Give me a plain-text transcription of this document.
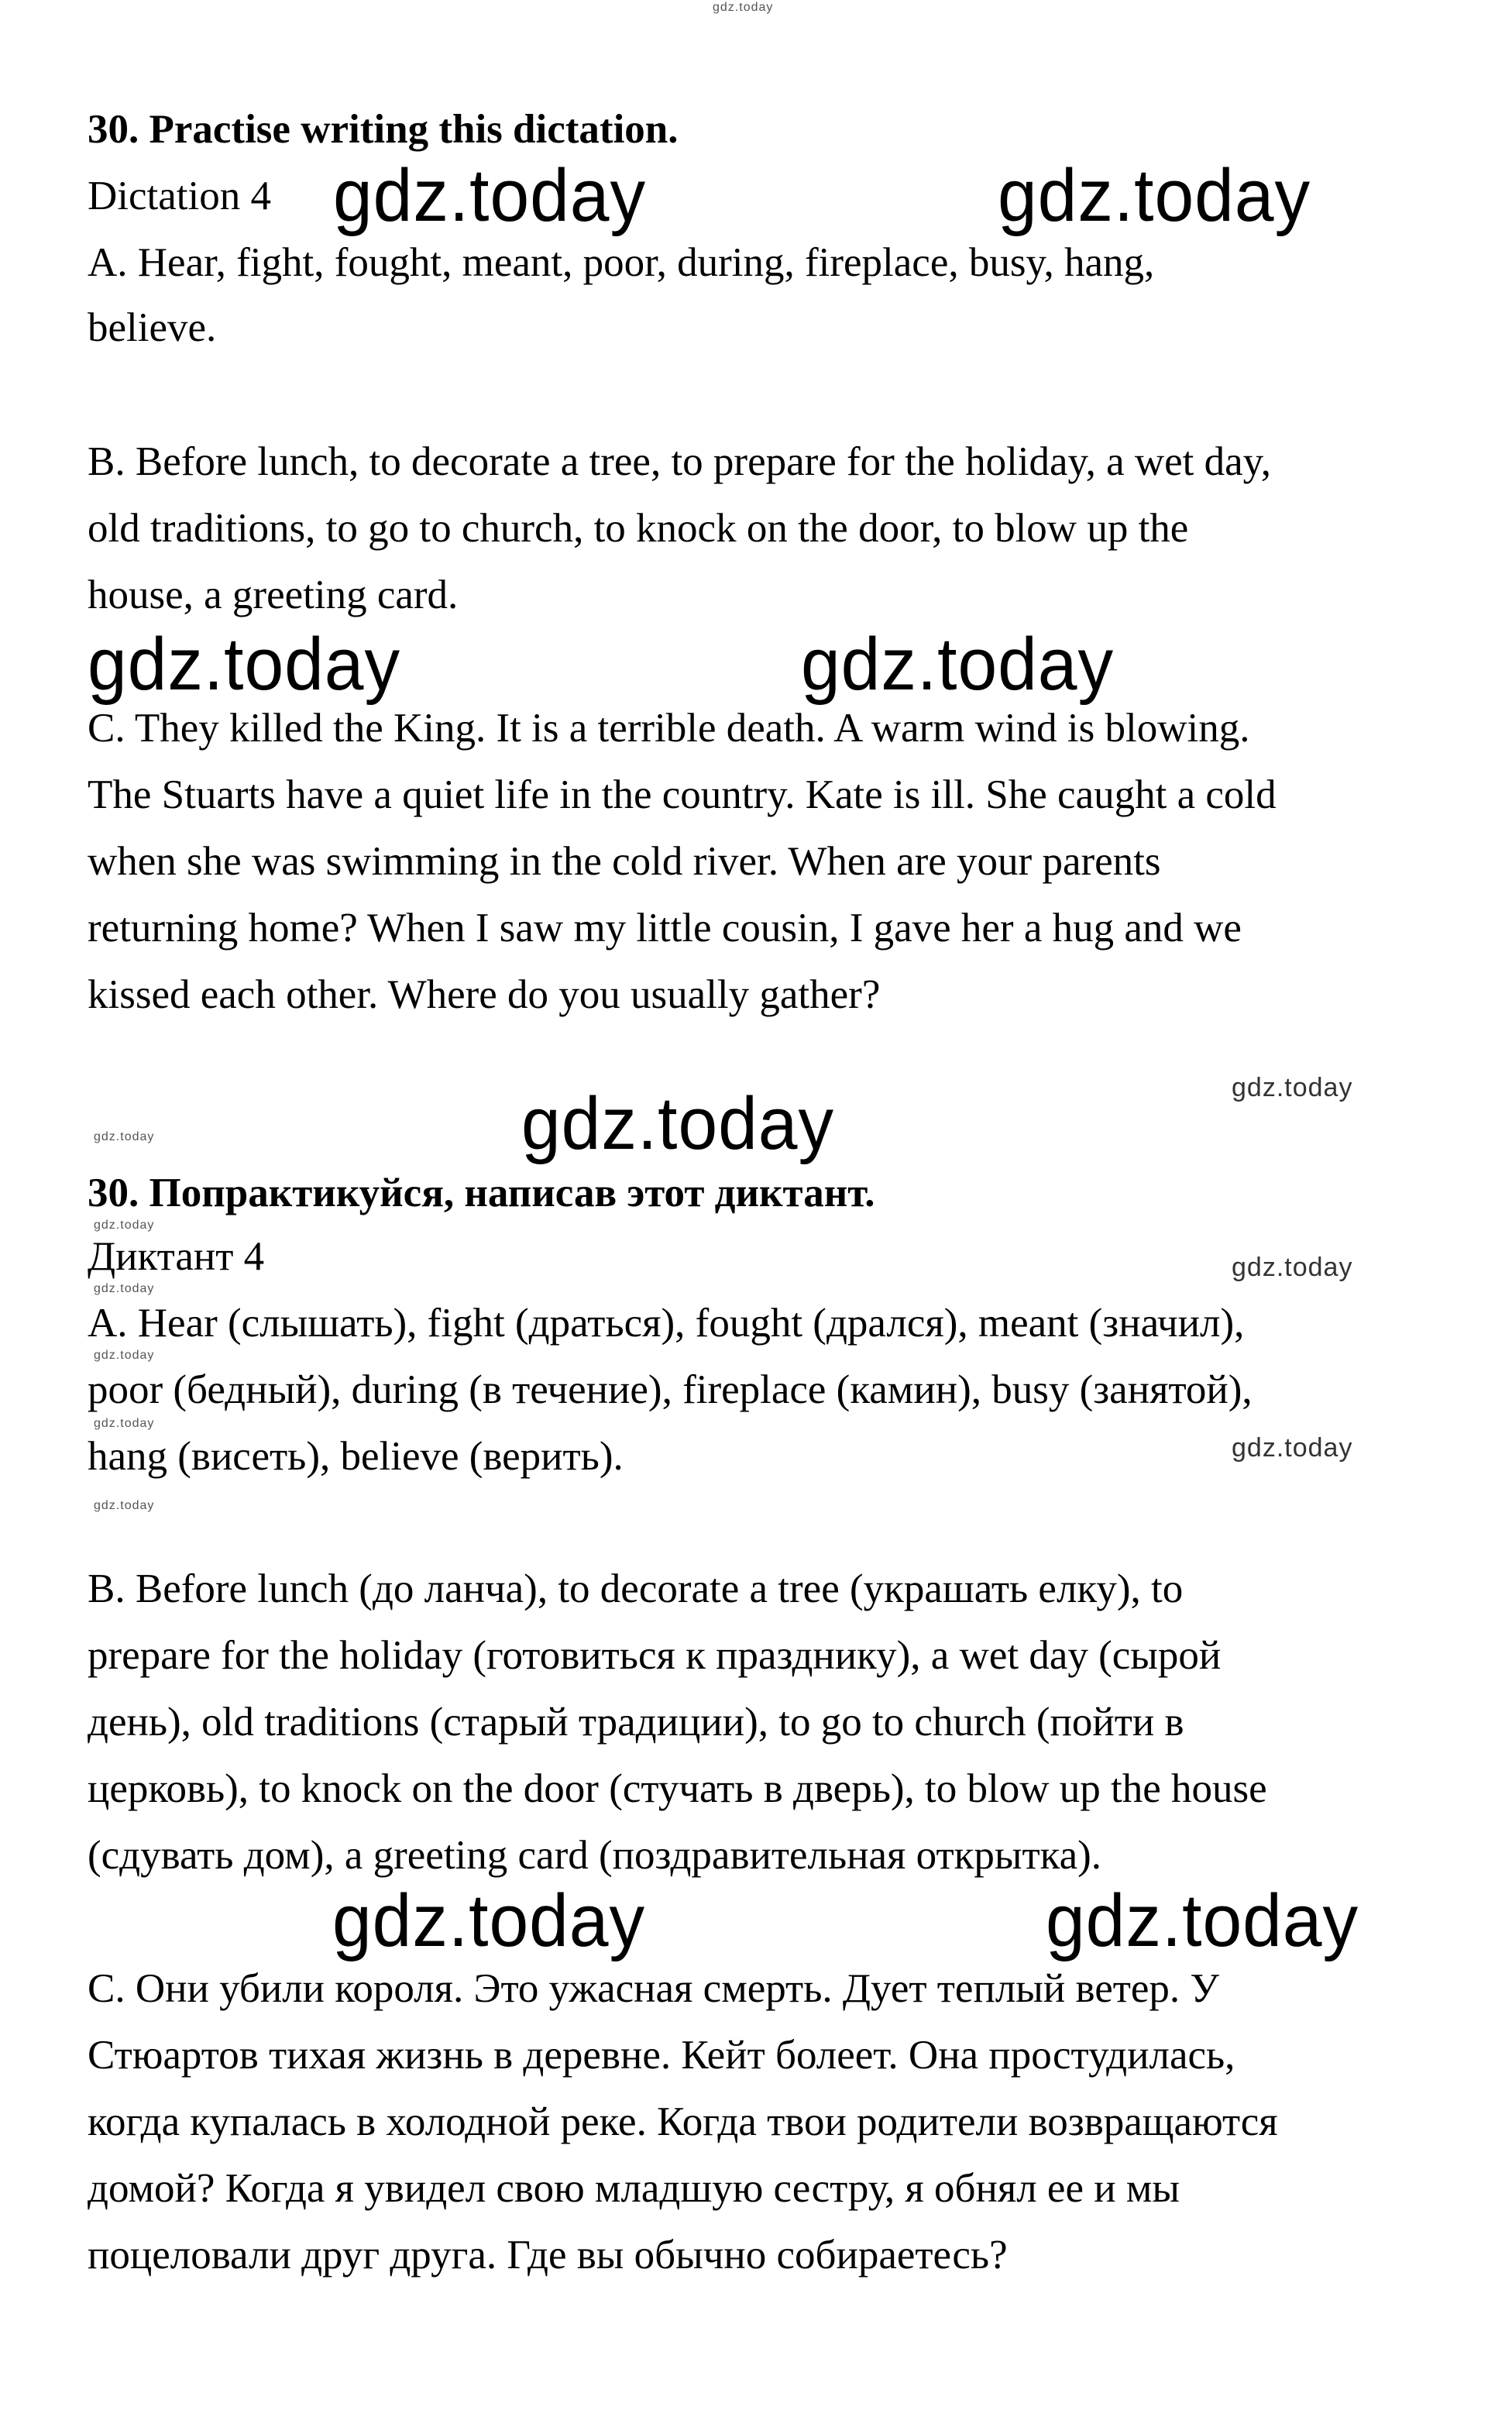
30. Practise writing this dictation.
Dictation 4
A. Hear, fight, fought, meant, poor, during, fireplace, busy, hang,
believe.
B. Before lunch, to decorate a tree, to prepare for the holiday, a wet day,
old traditions, to go to church, to knock on the door, to blow up the
house, a greeting card.
C. They killed the King. It is a terrible death. A warm wind is blowing.
The Stuarts have a quiet life in the country. Kate is ill. She caught a cold
when she was swimming in the cold river. When are your parents
returning home? When I saw my little cousin, I gave her a hug and we
kissed each other. Where do you usually gather?
30. Попрактикуйся, написав этот диктант.
Диктант 4
A. Hear (слышать), fight (драться), fought (дрался), meant (значил),
poor (бедный), during (в течение), fireplace (камин), busy (занятой),
hang (висеть), believe (верить).
B. Before lunch (до ланча), to decorate a tree (украшать елку), to
prepare for the holiday (готовиться к празднику), a wet day (сырой
день), old traditions (старый традиции), to go to church (пойти в
церковь), to knock on the door (стучать в дверь), to blow up the house
(сдувать дом), a greeting card (поздравительная открытка).
С. Они убили короля. Это ужасная смерть. Дует теплый ветер. У
Стюартов тихая жизнь в деревне. Кейт болеет. Она простудилась,
когда купалась в холодной реке. Когда твои родители возвращаются
домой? Когда я увидел свою младшую сестру, я обнял ее и мы
поцеловали друг друга. Где вы обычно собираетесь?
gdz.today
gdz.today	gdz.today
gdz.today	gdz.today
gdz.today
gdz.today	gdz.today
gdz.today
gdz.today
gdz.today
gdz.today
gdz.today
gdz.today
gdz.today
gdz.today
gdz.today
